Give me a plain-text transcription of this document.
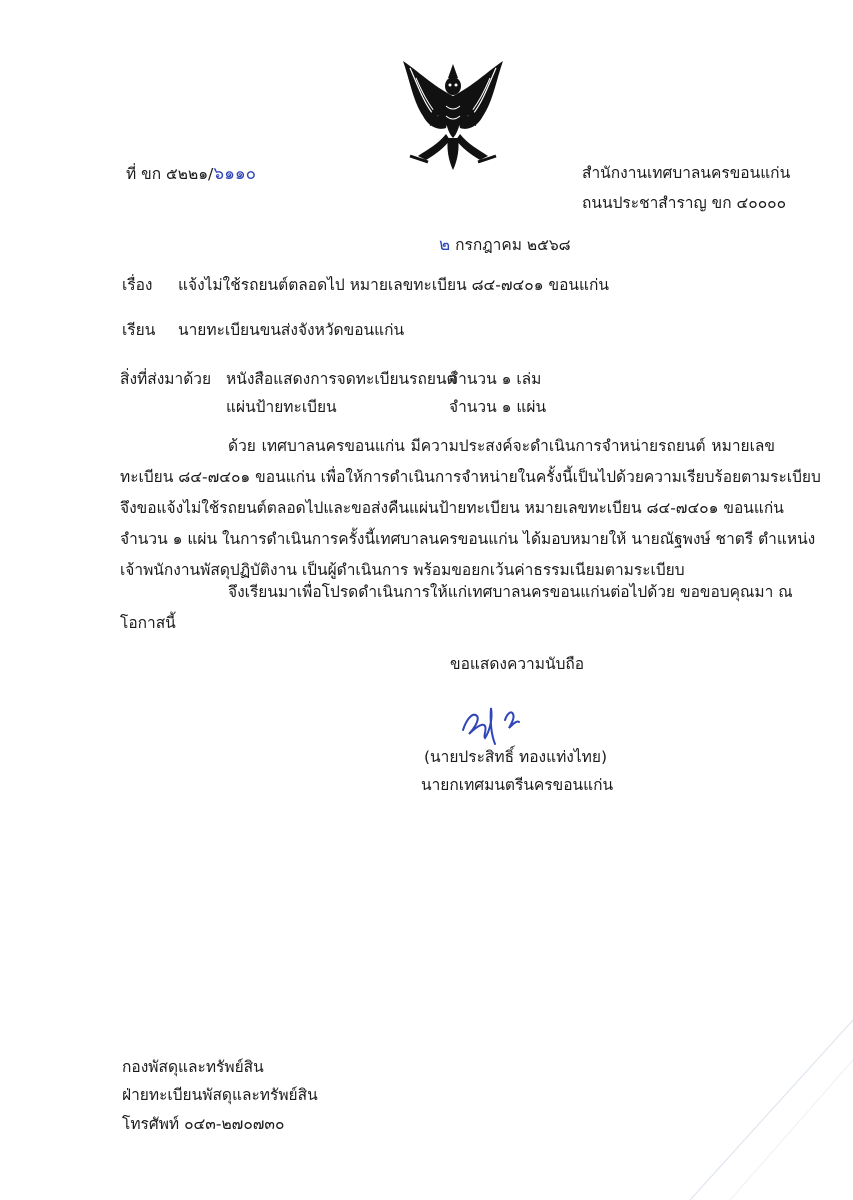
ที่ ขก ๕๒๒๑/๖๑๑๐	สำนักงานเทศบาลนครขอนแก่น
ถนนประชาสำราญ ขก ๔๐๐๐๐
๒ กรกฎาคม ๒๕๖๘
เรื่อง แจ้งไม่ใช้รถยนต์ตลอดไป หมายเลขทะเบียน ๘๔-๗๔๐๑ ขอนแก่น
เรียน นายทะเบียนขนส่งจังหวัดขอนแก่น
สิ่งที่ส่งมาด้วย หนังสือแสดงการจดทะเบียนรถยนต์
จำนวน ๑ เล่ม
แผ่นป้ายทะเบียน	จำนวน ๑ แผ่น
ด้วย เทศบาลนครขอนแก่น มีความประสงค์จะดำเนินการจำหน่ายรถยนต์ หมายเลข
ทะเบียน ๘๔-๗๔๐๑ ขอนแก่น เพื่อให้การดำเนินการจำหน่ายในครั้งนี้เป็นไปด้วยความเรียบร้อยตามระเบียบ
จึงขอแจ้งไม่ใช้รถยนต์ตลอดไปและขอส่งคืนแผ่นป้ายทะเบียน หมายเลขทะเบียน ๘๔-๗๔๐๑ ขอนแก่น
จำนวน ๑ แผ่น ในการดำเนินการครั้งนี้เทศบาลนครขอนแก่น ได้มอบหมายให้ นายณัฐพงษ์ ชาตรี ตำแหน่ง
เจ้าพนักงานพัสดุปฏิบัติงาน เป็นผู้ดำเนินการ พร้อมขอยกเว้นค่าธรรมเนียมตามระเบียบ
จึงเรียนมาเพื่อโปรดดำเนินการให้แก่เทศบาลนครขอนแก่นต่อไปด้วย ขอขอบคุณมา ณ
โอกาสนี้
ขอแสดงความนับถือ
(นายประสิทธิ์ ทองแท่งไทย)
นายกเทศมนตรีนครขอนแก่น
กองพัสดุและทรัพย์สิน
ฝ่ายทะเบียนพัสดุและทรัพย์สิน
โทรศัพท์ ๐๔๓-๒๗๐๗๓๐
